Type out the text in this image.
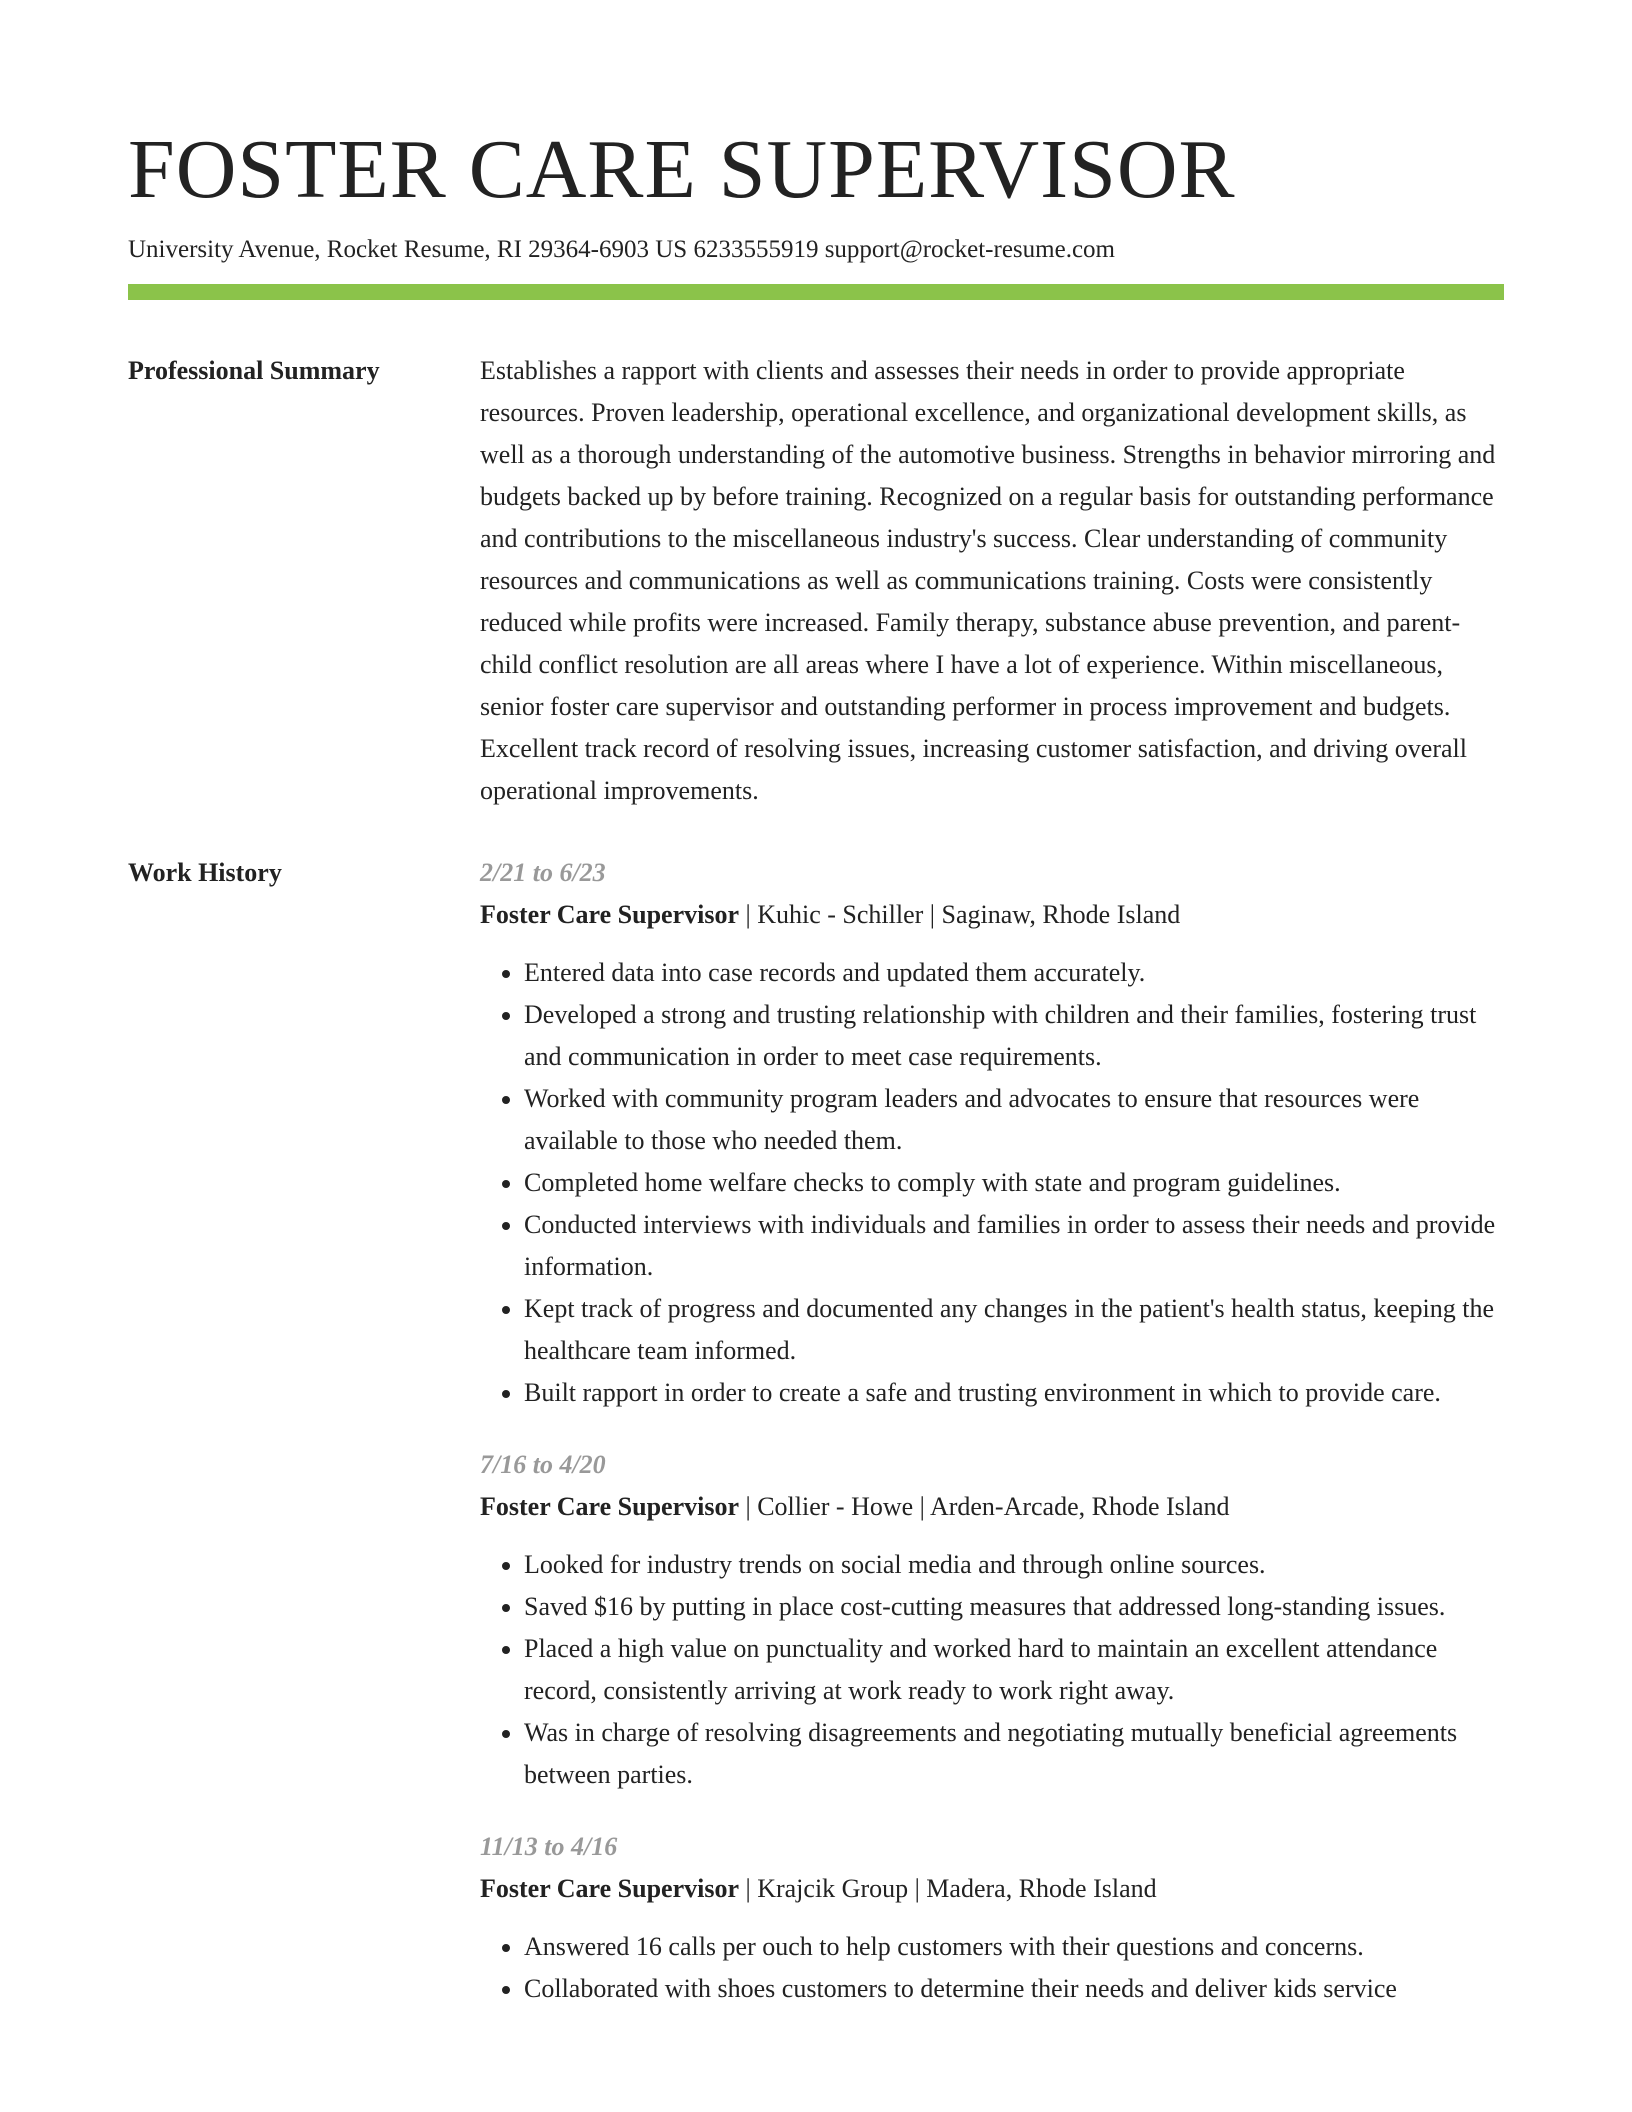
FOSTER CARE SUPERVISOR
University Avenue, Rocket Resume, RI 29364-6903 US 6233555919 support@rocket-resume.com
Professional Summary	Establishes a rapport with clients and assesses their needs in order to provide appropriate resources. Proven leadership, operational excellence, and organizational development skills, as well as a thorough understanding of the automotive business. Strengths in behavior mirroring and budgets backed up by before training. Recognized on a regular basis for outstanding performance and contributions to the miscellaneous industry's success. Clear understanding of community resources and communications as well as communications training. Costs were consistently reduced while profits were increased. Family therapy, substance abuse prevention, and parent-child conflict resolution are all areas where I have a lot of experience. Within miscellaneous, senior foster care supervisor and outstanding performer in process improvement and budgets. Excellent track record of resolving issues, increasing customer satisfaction, and driving overall operational improvements.

Work History	2/21 to 6/23

Foster Care Supervisor | Kuhic - Schiller | Saginaw, Rhode Island

• Entered data into case records and updated them accurately.
• Developed a strong and trusting relationship with children and their families, fostering trust and communication in order to meet case requirements.
• Worked with community program leaders and advocates to ensure that resources were available to those who needed them.
• Completed home welfare checks to comply with state and program guidelines.
• Conducted interviews with individuals and families in order to assess their needs and provide information.
• Kept track of progress and documented any changes in the patient's health status, keeping the healthcare team informed.
• Built rapport in order to create a safe and trusting environment in which to provide care.

7/16 to 4/20

Foster Care Supervisor | Collier - Howe | Arden-Arcade, Rhode Island

• Looked for industry trends on social media and through online sources.
• Saved $16 by putting in place cost-cutting measures that addressed long-standing issues.
• Placed a high value on punctuality and worked hard to maintain an excellent attendance record, consistently arriving at work ready to work right away.
• Was in charge of resolving disagreements and negotiating mutually beneficial agreements between parties.

11/13 to 4/16

Foster Care Supervisor | Krajcik Group | Madera, Rhode Island

• Answered 16 calls per ouch to help customers with their questions and concerns.
• Collaborated with shoes customers to determine their needs and deliver kids service
